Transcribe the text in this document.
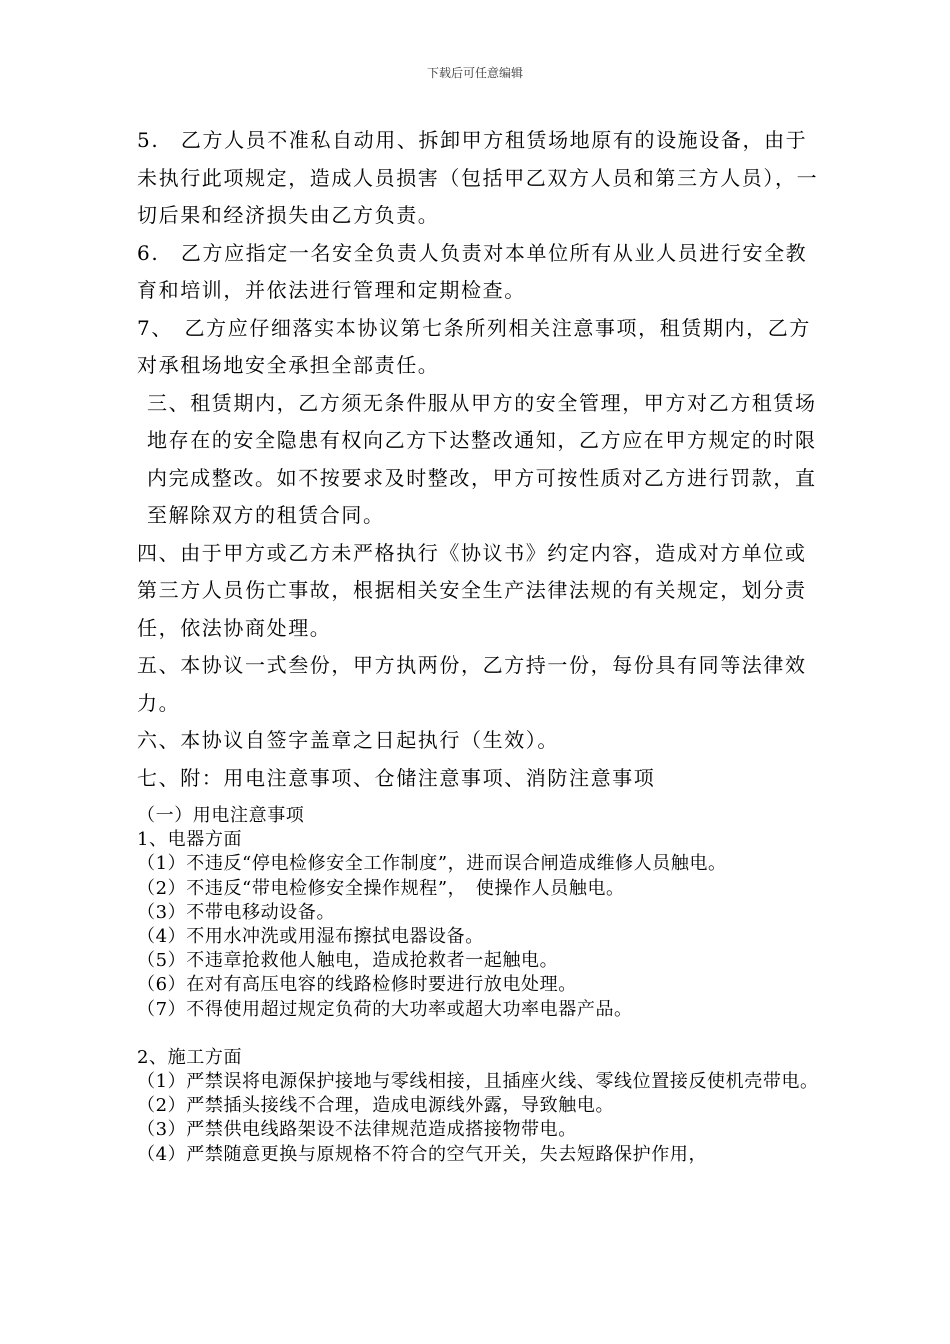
下载后可任意编辑

5.　乙方人员不准私自动用、拆卸甲方租赁场地原有的设施设备，由于未执行此项规定，造成人员损害（包括甲乙双方人员和第三方人员），一切后果和经济损失由乙方负责。

6.　乙方应指定一名安全负责人负责对本单位所有从业人员进行安全教育和培训，并依法进行管理和定期检查。

7、　乙方应仔细落实本协议第七条所列相关注意事项，租赁期内，乙方对承租场地安全承担全部责任。

三、租赁期内，乙方须无条件服从甲方的安全管理，甲方对乙方租赁场地存在的安全隐患有权向乙方下达整改通知，乙方应在甲方规定的时限内完成整改。如不按要求及时整改，甲方可按性质对乙方进行罚款，直至解除双方的租赁合同。

四、由于甲方或乙方未严格执行《协议书》约定内容，造成对方单位或第三方人员伤亡事故，根据相关安全生产法律法规的有关规定，划分责任，依法协商处理。

五、本协议一式叁份，甲方执两份，乙方持一份，每份具有同等法律效力。

六、本协议自签字盖章之日起执行（生效）。

七、附：用电注意事项、仓储注意事项、消防注意事项

（一）用电注意事项

1、电器方面

（1）不违反“停电检修安全工作制度”，进而误合闸造成维修人员触电。

（2）不违反“带电检修安全操作规程”，　使操作人员触电。

（3）不带电移动设备。

（4）不用水冲洗或用湿布擦拭电器设备。

（5）不违章抢救他人触电，造成抢救者一起触电。

（6）在对有高压电容的线路检修时要进行放电处理。

（7）不得使用超过规定负荷的大功率或超大功率电器产品。

2、施工方面

（1）严禁误将电源保护接地与零线相接，且插座火线、零线位置接反使机壳带电。

（2）严禁插头接线不合理，造成电源线外露，导致触电。

（3）严禁供电线路架设不法律规范造成搭接物带电。

（4）严禁随意更换与原规格不符合的空气开关，失去短路保护作用，
